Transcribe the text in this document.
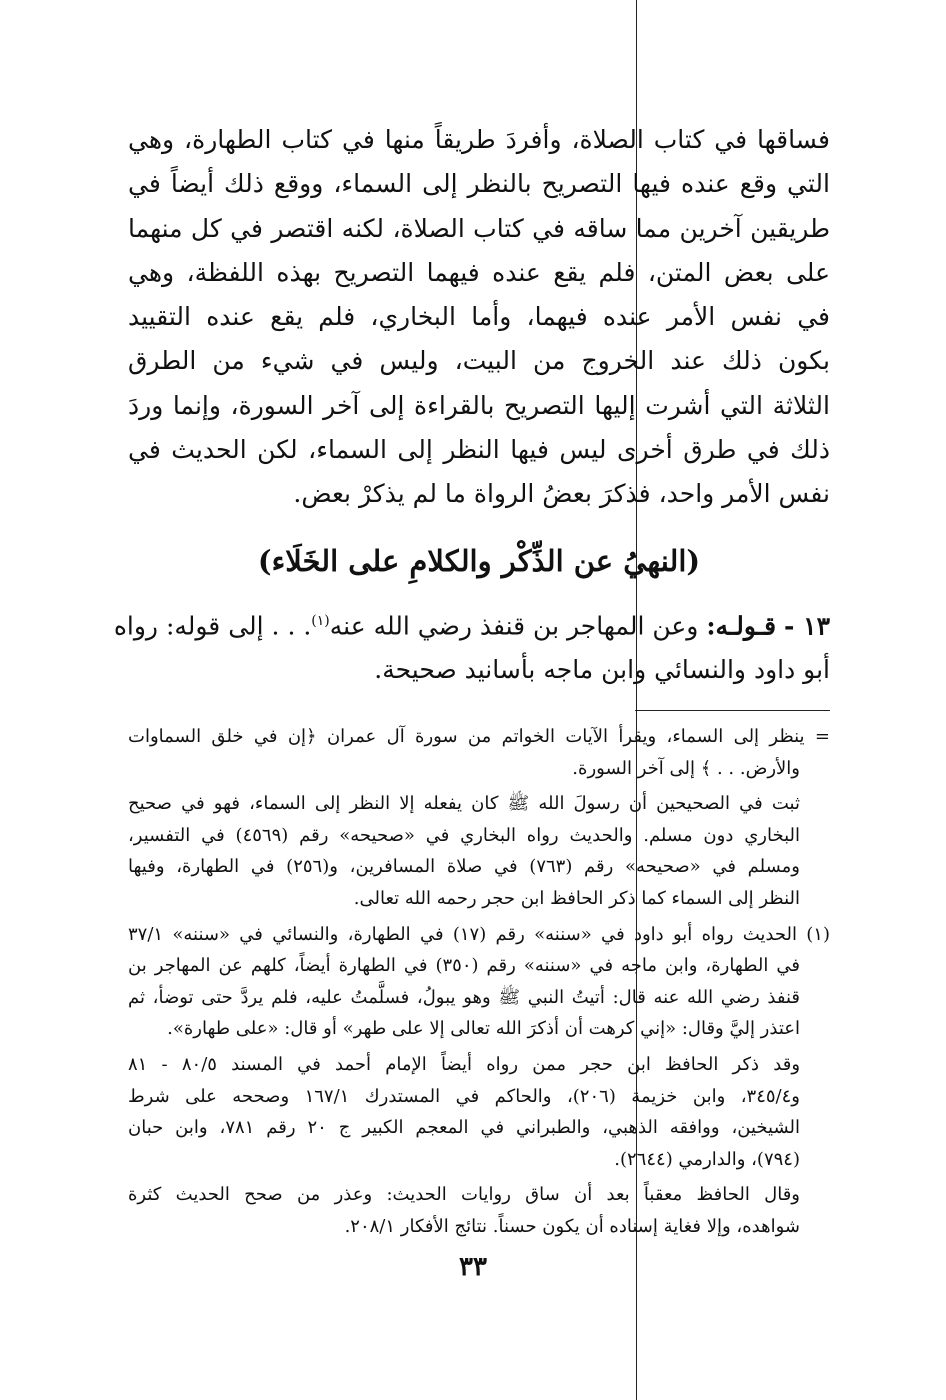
فساقها في كتاب الصلاة، وأفردَ طريقاً منها في كتاب الطهارة، وهي
التي وقع عنده فيها التصريح بالنظر إلى السماء، ووقع ذلك أيضاً في
طريقين آخرين مما ساقه في كتاب الصلاة، لكنه اقتصر في كل منهما
على بعض المتن، فلم يقع عنده فيهما التصريح بهذه اللفظة، وهي
في نفس الأمر عنده فيهما، وأما البخاري، فلم يقع عنده التقييد
بكون ذلك عند الخروج من البيت، وليس في شيء من الطرق
الثلاثة التي أشرت إليها التصريح بالقراءة إلى آخر السورة، وإنما وردَ
ذلك في طرق أخرى ليس فيها النظر إلى السماء، لكن الحديث في
نفس الأمر واحد، فذكرَ بعضُ الرواة ما لم يذكرْ بعض.

(النهيُ عن الذِّكْر والكلامِ على الخَلَاء)

١٣ - قـولـه: وعن المهاجر بن قنفذ رضي الله عنه$^{(١)}$. . . إلى قوله: رواه
أبو داود والنسائي وابن ماجه بأسانيد صحيحة.

= ينظر إلى السماء، ويقرأ الآيات الخواتم من سورة آل عمران ﴿إن في خلق السماوات
والأرض. . . ﴾ إلى آخر السورة.
ثبت في الصحيحين أن رسولَ الله ﷺ كان يفعله إلا النظر إلى السماء، فهو في صحيح
البخاري دون مسلم. والحديث رواه البخاري في «صحيحه» رقم (٤٥٦٩) في التفسير،
ومسلم في «صحيحه» رقم (٧٦٣) في صلاة المسافرين، و(٢٥٦) في الطهارة، وفيها
النظر إلى السماء كما ذكر الحافظ ابن حجر رحمه الله تعالى.
(١) الحديث رواه أبو داود في «سننه» رقم (١٧) في الطهارة، والنسائي في «سننه» ٣٧/١
في الطهارة، وابن ماجه في «سننه» رقم (٣٥٠) في الطهارة أيضاً، كلهم عن المهاجر بن
قنفذ رضي الله عنه قال: أتيتُ النبي ﷺ وهو يبولُ، فسلَّمتُ عليه، فلم يردَّ حتى توضأ، ثم
اعتذر إليَّ وقال: «إني كرهت أن أذكرَ الله تعالى إلا على طهر» أو قال: «على طهارة».
وقد ذكر الحافظ ابن حجر ممن رواه أيضاً الإمام أحمد في المسند ٨٠/٥ - ٨١
و٣٤٥/٤، وابن خزيمة (٢٠٦)، والحاكم في المستدرك ١٦٧/١ وصححه على شرط
الشيخين، ووافقه الذهبي، والطبراني في المعجم الكبير ج ٢٠ رقم ٧٨١، وابن حبان
(٧٩٤)، والدارمي (٢٦٤٤).
وقال الحافظ معقباً بعد أن ساق روايات الحديث: وعذر من صحح الحديث كثرة
شواهده، وإلا فغاية إسناده أن يكون حسناً. نتائج الأفكار ٢٠٨/١.
٣٣
